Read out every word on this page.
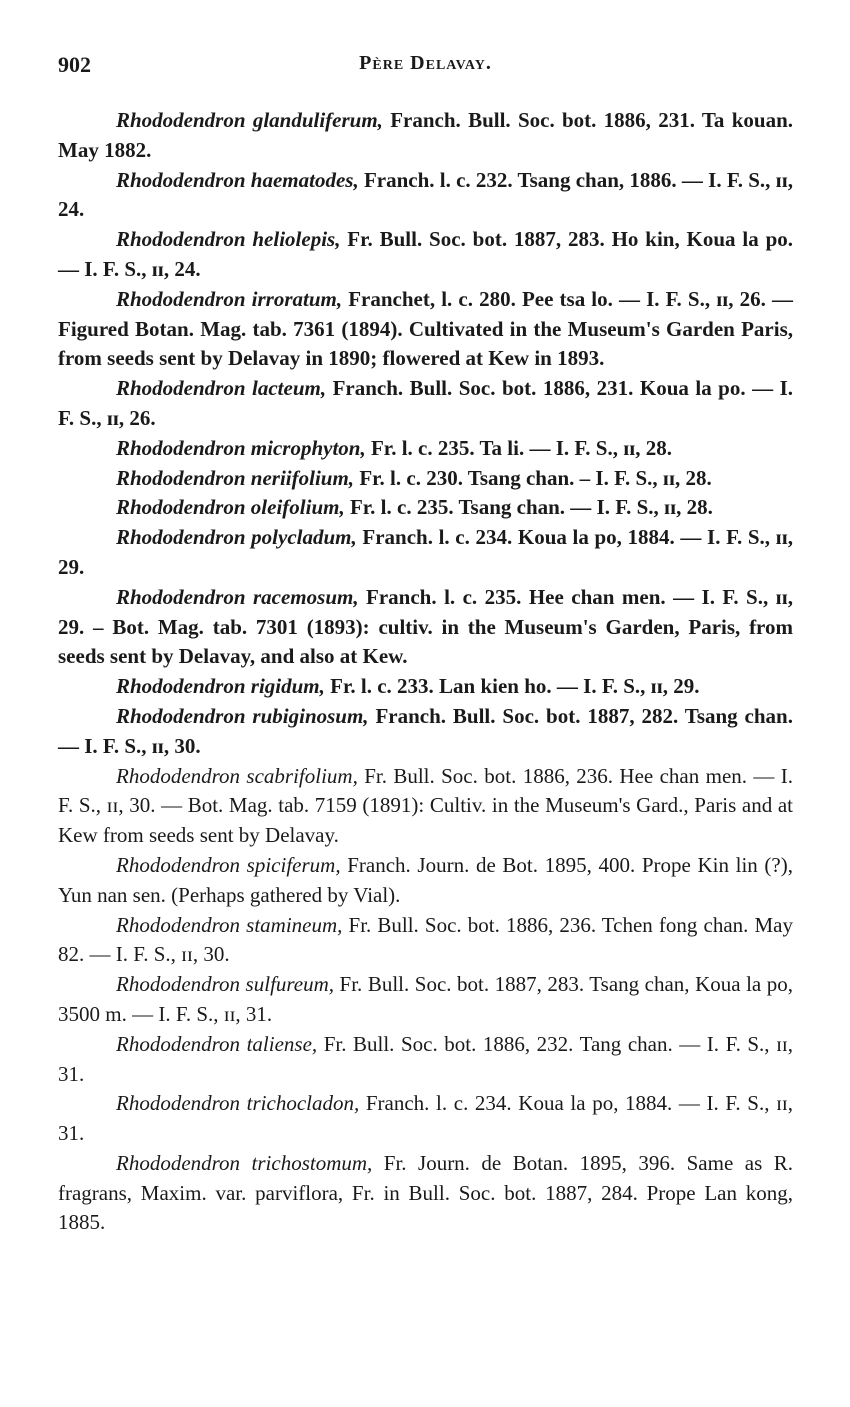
902	Père Delavay.

Rhododendron glanduliferum, Franch. Bull. Soc. bot. 1886, 231. Ta kouan. May 1882.

Rhododendron haematodes, Franch. l. c. 232. Tsang chan, 1886. — I. F. S., ɪɪ, 24.

Rhododendron heliolepis, Fr. Bull. Soc. bot. 1887, 283. Ho kin, Koua la po. — I. F. S., ɪɪ, 24.

Rhododendron irroratum, Franchet, l. c. 280. Pee tsa lo. — I. F. S., ɪɪ, 26. — Figured Botan. Mag. tab. 7361 (1894). Cultivated in the Museum's Garden Paris, from seeds sent by Delavay in 1890; flowered at Kew in 1893.

Rhododendron lacteum, Franch. Bull. Soc. bot. 1886, 231. Koua la po. — I. F. S., ɪɪ, 26.

Rhododendron microphyton, Fr. l. c. 235. Ta li. — I. F. S., ɪɪ, 28.

Rhododendron neriifolium, Fr. l. c. 230. Tsang chan. – I. F. S., ɪɪ, 28.

Rhododendron oleifolium, Fr. l. c. 235. Tsang chan. — I. F. S., ɪɪ, 28.

Rhododendron polycladum, Franch. l. c. 234. Koua la po, 1884. — I. F. S., ɪɪ, 29.

Rhododendron racemosum, Franch. l. c. 235. Hee chan men. — I. F. S., ɪɪ, 29. – Bot. Mag. tab. 7301 (1893): cultiv. in the Museum's Garden, Paris, from seeds sent by Delavay, and also at Kew.

Rhododendron rigidum, Fr. l. c. 233. Lan kien ho. — I. F. S., ɪɪ, 29.

Rhododendron rubiginosum, Franch. Bull. Soc. bot. 1887, 282. Tsang chan. — I. F. S., ɪɪ, 30.

Rhododendron scabrifolium, Fr. Bull. Soc. bot. 1886, 236. Hee chan men. — I. F. S., ɪɪ, 30. — Bot. Mag. tab. 7159 (1891): Cultiv. in the Museum's Gard., Paris and at Kew from seeds sent by Delavay.

Rhododendron spiciferum, Franch. Journ. de Bot. 1895, 400. Prope Kin lin (?), Yun nan sen. (Perhaps gathered by Vial).

Rhododendron stamineum, Fr. Bull. Soc. bot. 1886, 236. Tchen fong chan. May 82. — I. F. S., ɪɪ, 30.

Rhododendron sulfureum, Fr. Bull. Soc. bot. 1887, 283. Tsang chan, Koua la po, 3500 m. — I. F. S., ɪɪ, 31.

Rhododendron taliense, Fr. Bull. Soc. bot. 1886, 232. Tang chan. — I. F. S., ɪɪ, 31.

Rhododendron trichocladon, Franch. l. c. 234. Koua la po, 1884. — I. F. S., ɪɪ, 31.

Rhododendron trichostomum, Fr. Journ. de Botan. 1895, 396. Same as R. fragrans, Maxim. var. parviflora, Fr. in Bull. Soc. bot. 1887, 284. Prope Lan kong, 1885.
